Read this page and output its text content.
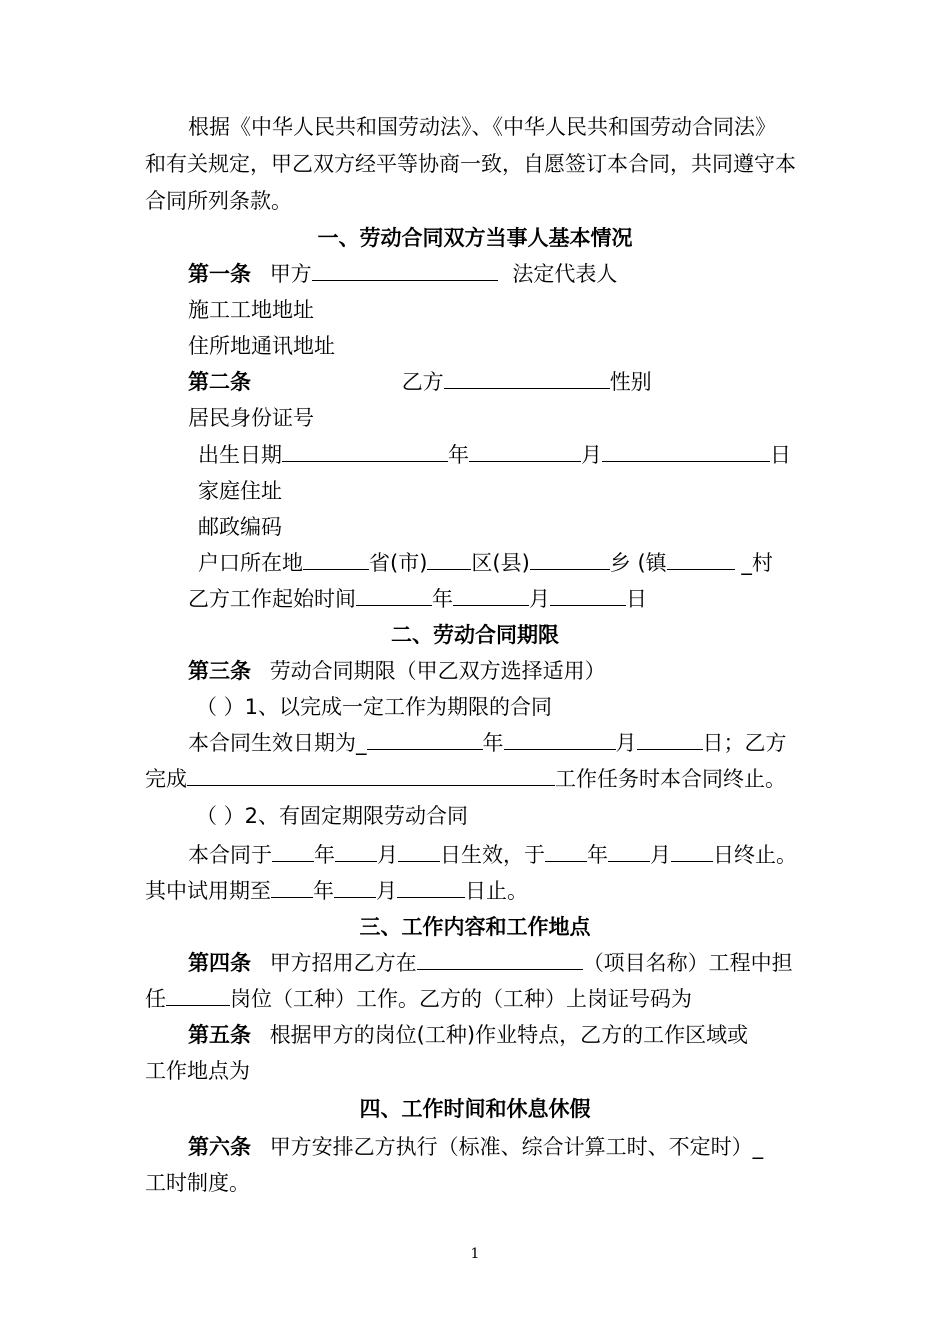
根据《中华人民共和国劳动法》、《中华人民共和国劳动合同法》
和有关规定，甲乙双方经平等协商一致，自愿签订本合同，共同遵守本
合同所列条款。
一、劳动合同双方当事人基本情况
第一条 甲方	法定代表人
施工工地地址
住所地通讯地址
第二条	乙方	性别
居民身份证号
出生日期	年	月	日
家庭住址
邮政编码
户口所在地	省(市) 区(县)	乡 (镇	_村
乙方工作起始时间	年	月	日
二、劳动合同期限
第三条 劳动合同期限（甲乙双方选择适用）
（ ）1、以完成一定工作为期限的合同
本合同生效日期为_	年	月	日；乙方
完成	工作任务时本合同终止。
（ ）2、有固定期限劳动合同
本合同于 年 月 日生效，于 年 月 日终止。
其中试用期至 年 月	日止。
三、工作内容和工作地点
第四条 甲方招用乙方在	（项目名称）工程中担
任	岗位（工种）工作。乙方的（工种）上岗证号码为
第五条 根据甲方的岗位(工种)作业特点，乙方的工作区域或
工作地点为
四、工作时间和休息休假
第六条 甲方安排乙方执行（标准、综合计算工时、不定时）_
工时制度。
1
